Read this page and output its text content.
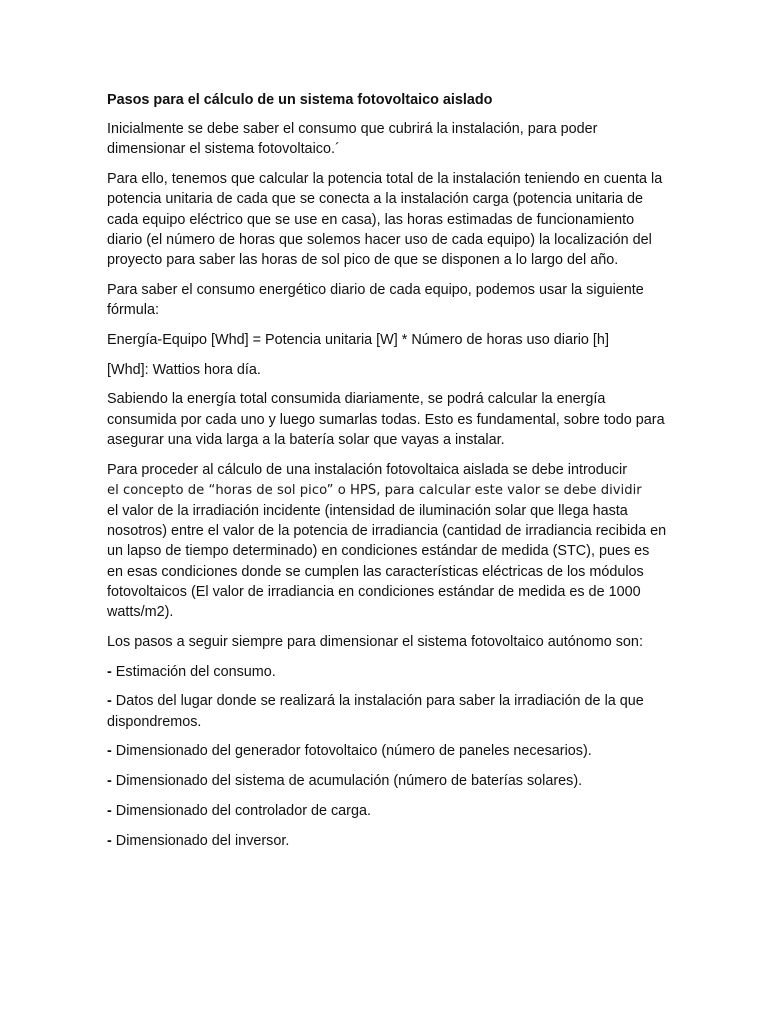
Pasos para el cálculo de un sistema fotovoltaico aislado

Inicialmente se debe saber el consumo que cubrirá la instalación, para poder dimensionar el sistema fotovoltaico.´

Para ello, tenemos que calcular la potencia total de la instalación teniendo en cuenta la potencia unitaria de cada que se conecta a la instalación carga (potencia unitaria de cada equipo eléctrico que se use en casa), las horas estimadas de funcionamiento diario (el número de horas que solemos hacer uso de cada equipo) la localización del proyecto para saber las horas de sol pico de que se disponen a lo largo del año.

Para saber el consumo energético diario de cada equipo, podemos usar la siguiente fórmula:

Energía-Equipo [Whd] = Potencia unitaria [W] * Número de horas uso diario [h]

[Whd]: Wattios hora día.

Sabiendo la energía total consumida diariamente, se podrá calcular la energía consumida por cada uno y luego sumarlas todas. Esto es fundamental, sobre todo para asegurar una vida larga a la batería solar que vayas a instalar.

Para proceder al cálculo de una instalación fotovoltaica aislada se debe introducir
el concepto de “horas de sol pico” o HPS, para calcular este valor se debe dividir
el valor de la irradiación incidente (intensidad de iluminación solar que llega hasta nosotros) entre el valor de la potencia de irradiancia (cantidad de irradiancia recibida en un lapso de tiempo determinado) en condiciones estándar de medida (STC), pues es en esas condiciones donde se cumplen las características eléctricas de los módulos fotovoltaicos (El valor de irradiancia en condiciones estándar de medida es de 1000 watts/m2).

Los pasos a seguir siempre para dimensionar el sistema fotovoltaico autónomo son:

- Estimación del consumo.

- Datos del lugar donde se realizará la instalación para saber la irradiación de la que dispondremos.

- Dimensionado del generador fotovoltaico (número de paneles necesarios).

- Dimensionado del sistema de acumulación (número de baterías solares).

- Dimensionado del controlador de carga.

- Dimensionado del inversor.
